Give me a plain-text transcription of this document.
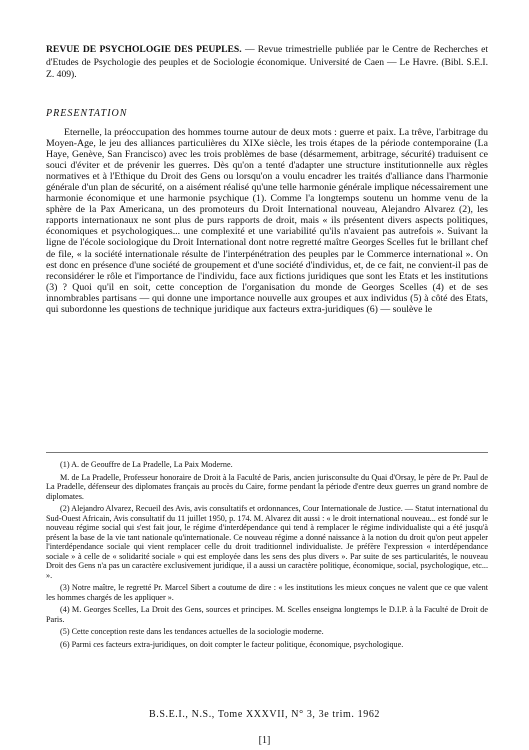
REVUE DE PSYCHOLOGIE DES PEUPLES. — Revue trimestrielle publiée par le Centre de Recherches et d'Etudes de Psychologie des peuples et de Sociologie économique. Université de Caen — Le Havre. (Bibl. S.E.I. Z. 409).
PRESENTATION
Eternelle, la préoccupation des hommes tourne autour de deux mots : guerre et paix. La trêve, l'arbitrage du Moyen-Age, le jeu des alliances particulières du XIXe siècle, les trois étapes de la période contemporaine (La Haye, Genève, San Francisco) avec les trois problèmes de base (désarmement, arbitrage, sécurité) traduisent ce souci d'éviter et de prévenir les guerres. Dès qu'on a tenté d'adapter une structure institutionnelle aux règles normatives et à l'Ethique du Droit des Gens ou lorsqu'on a voulu encadrer les traités d'alliance dans l'harmonie générale d'un plan de sécurité, on a aisément réalisé qu'une telle harmonie générale implique nécessairement une harmonie économique et une harmonie psychique (1). Comme l'a longtemps soutenu un homme venu de la sphère de la Pax Americana, un des promoteurs du Droit International nouveau, Alejandro Alvarez (2), les rapports internationaux ne sont plus de purs rapports de droit, mais « ils présentent divers aspects politiques, économiques et psychologiques... une complexité et une variabilité qu'ils n'avaient pas autrefois ». Suivant la ligne de l'école sociologique du Droit International dont notre regretté maître Georges Scelles fut le brillant chef de file, « la société internationale résulte de l'interpénétration des peuples par le Commerce international ». On est donc en présence d'une société de groupement et d'une société d'individus, et, de ce fait, ne convient-il pas de reconsidérer le rôle et l'importance de l'individu, face aux fictions juridiques que sont les Etats et les institutions (3) ? Quoi qu'il en soit, cette conception de l'organisation du monde de Georges Scelles (4) et de ses innombrables partisans — qui donne une importance nouvelle aux groupes et aux individus (5) à côté des Etats, qui subordonne les questions de technique juridique aux facteurs extra-juridiques (6) — soulève le

(1) A. de Geouffre de La Pradelle, La Paix Moderne.

M. de La Pradelle, Professeur honoraire de Droit à la Faculté de Paris, ancien jurisconsulte du Quai d'Orsay, le père de Pr. Paul de La Pradelle, défenseur des diplomates français au procès du Caire, forme pendant la période d'entre deux guerres un grand nombre de diplomates.

(2) Alejandro Alvarez, Recueil des Avis, avis consultatifs et ordonnances, Cour Internationale de Justice. — Statut international du Sud-Ouest Africain, Avis consultatif du 11 juillet 1950, p. 174. M. Alvarez dit aussi : « le droit international nouveau... est fondé sur le nouveau régime social qui s'est fait jour, le régime d'interdépendance qui tend à remplacer le régime individualiste qui a été jusqu'à présent la base de la vie tant nationale qu'internationale. Ce nouveau régime a donné naissance à la notion du droit qu'on peut appeler l'interdépendance sociale qui vient remplacer celle du droit traditionnel individualiste. Je préfère l'expression « interdépendance sociale » à celle de « solidarité sociale » qui est employée dans les sens des plus divers ». Par suite de ses particularités, le nouveau Droit des Gens n'a pas un caractère exclusivement juridique, il a aussi un caractère politique, économique, social, psychologique, etc... ».

(3) Notre maître, le regretté Pr. Marcel Sibert a coutume de dire : « les institutions les mieux conçues ne valent que ce que valent les hommes chargés de les appliquer ».

(4) M. Georges Scelles, La Droit des Gens, sources et principes. M. Scelles enseigna longtemps le D.I.P. à la Faculté de Droit de Paris.

(5) Cette conception reste dans les tendances actuelles de la sociologie moderne.

(6) Parmi ces facteurs extra-juridiques, on doit compter le facteur politique, économique, psychologique.

B.S.E.I., N.S., Tome XXXVII, N° 3, 3e trim. 1962
[1]
